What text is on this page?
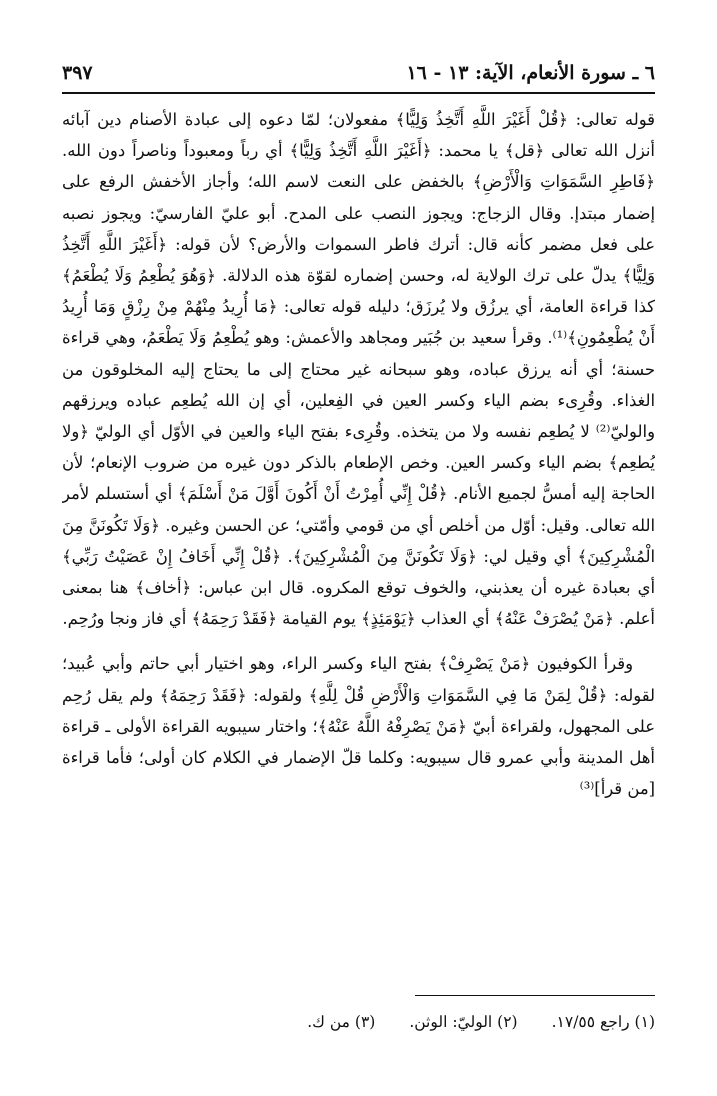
٦ ـ سورة الأنعام، الآية: ١٣ - ١٦
٣٩٧

قوله تعالى: ﴿قُلْ أَغَيْرَ اللَّهِ أَتَّخِذُ وَلِيًّا﴾ مفعولان؛ لمّا دعوه إلى عبادة الأصنام دين آبائه أنزل الله تعالى ﴿قل﴾ يا محمد: ﴿أَغَيْرَ اللَّهِ أَتَّخِذُ وَلِيًّا﴾ أي رباً ومعبوداً وناصراً دون الله. ﴿فَاطِرِ السَّمَوَاتِ وَالْأَرْضِ﴾ بالخفض على النعت لاسم الله؛ وأجاز الأخفش الرفع على إضمار مبتدإ. وقال الزجاج: ويجوز النصب على المدح. أبو عليّ الفارسيّ: ويجوز نصبه على فعل مضمر كأنه قال: أترك فاطر السموات والأرض؟ لأن قوله: ﴿أَغَيْرَ اللَّهِ أَتَّخِذُ وَلِيًّا﴾ يدلّ على ترك الولاية له، وحسن إضماره لقوّة هذه الدلالة. ﴿وَهُوَ يُطْعِمُ وَلَا يُطْعَمُ﴾ كذا قراءة العامة، أي يرزُق ولا يُرزَق؛ دليله قوله تعالى: ﴿مَا أُرِيدُ مِنْهُمْ مِنْ رِزْقٍ وَمَا أُرِيدُ أَنْ يُطْعِمُونِ﴾⁽¹⁾. وقرأ سعيد بن جُبَير ومجاهد والأعمش: وهو يُطْعِمُ وَلَا يَطْعَمُ، وهي قراءة حسنة؛ أي أنه يرزق عباده، وهو سبحانه غير محتاج إلى ما يحتاج إليه المخلوقون من الغذاء. وقُرِىء بضم الياء وكسر العين في الفِعلين، أي إن الله يُطعِم عباده ويرزقهم والوليّ⁽²⁾ لا يُطعِم نفسه ولا من يتخذه. وقُرِىء بفتح الياء والعين في الأوّل أي الوليّ ﴿ولا يُطعِم﴾ بضم الياء وكسر العين. وخص الإطعام بالذكر دون غيره من ضروب الإنعام؛ لأن الحاجة إليه أمسُّ لجميع الأنام. ﴿قُلْ إِنِّي أُمِرْتُ أَنْ أَكُونَ أَوَّلَ مَنْ أَسْلَمَ﴾ أي أستسلم لأمر الله تعالى. وقيل: أوّل من أخلص أي من قومي وأمّتي؛ عن الحسن وغيره. ﴿وَلَا تَكُونَنَّ مِنَ الْمُشْرِكِينَ﴾ أي وقيل لي: ﴿وَلَا تَكُونَنَّ مِنَ الْمُشْرِكِينَ﴾. ﴿قُلْ إِنِّي أَخَافُ إِنْ عَصَيْتُ رَبِّي﴾ أي بعبادة غيره أن يعذبني، والخوف توقع المكروه. قال ابن عباس: ﴿أخاف﴾ هنا بمعنى أعلم. ﴿مَنْ يُصْرَفْ عَنْهُ﴾ أي العذاب ﴿يَوْمَئِذٍ﴾ يوم القيامة ﴿فَقَدْ رَحِمَهُ﴾ أي فاز ونجا ورُحِم.

وقرأ الكوفيون ﴿مَنْ يَصْرِفْ﴾ بفتح الياء وكسر الراء، وهو اختيار أبي حاتم وأبي عُبيد؛ لقوله: ﴿قُلْ لِمَنْ مَا فِي السَّمَوَاتِ وَالْأَرْضِ قُلْ لِلَّهِ﴾ ولقوله: ﴿فَقَدْ رَحِمَهُ﴾ ولم يقل رُحِم على المجهول، ولقراءة أبيّ ﴿مَنْ يَصْرِفْهُ اللَّهُ عَنْهُ﴾؛ واختار سيبويه القراءة الأولى ـ قراءة أهل المدينة وأبي عمرو قال سيبويه: وكلما قلّ الإضمار في الكلام كان أولى؛ فأما قراءة [من قرأ]⁽³⁾

(١) راجع ١٧/٥٥.
(٢) الوليّ: الوثن.
(٣) من ك.
